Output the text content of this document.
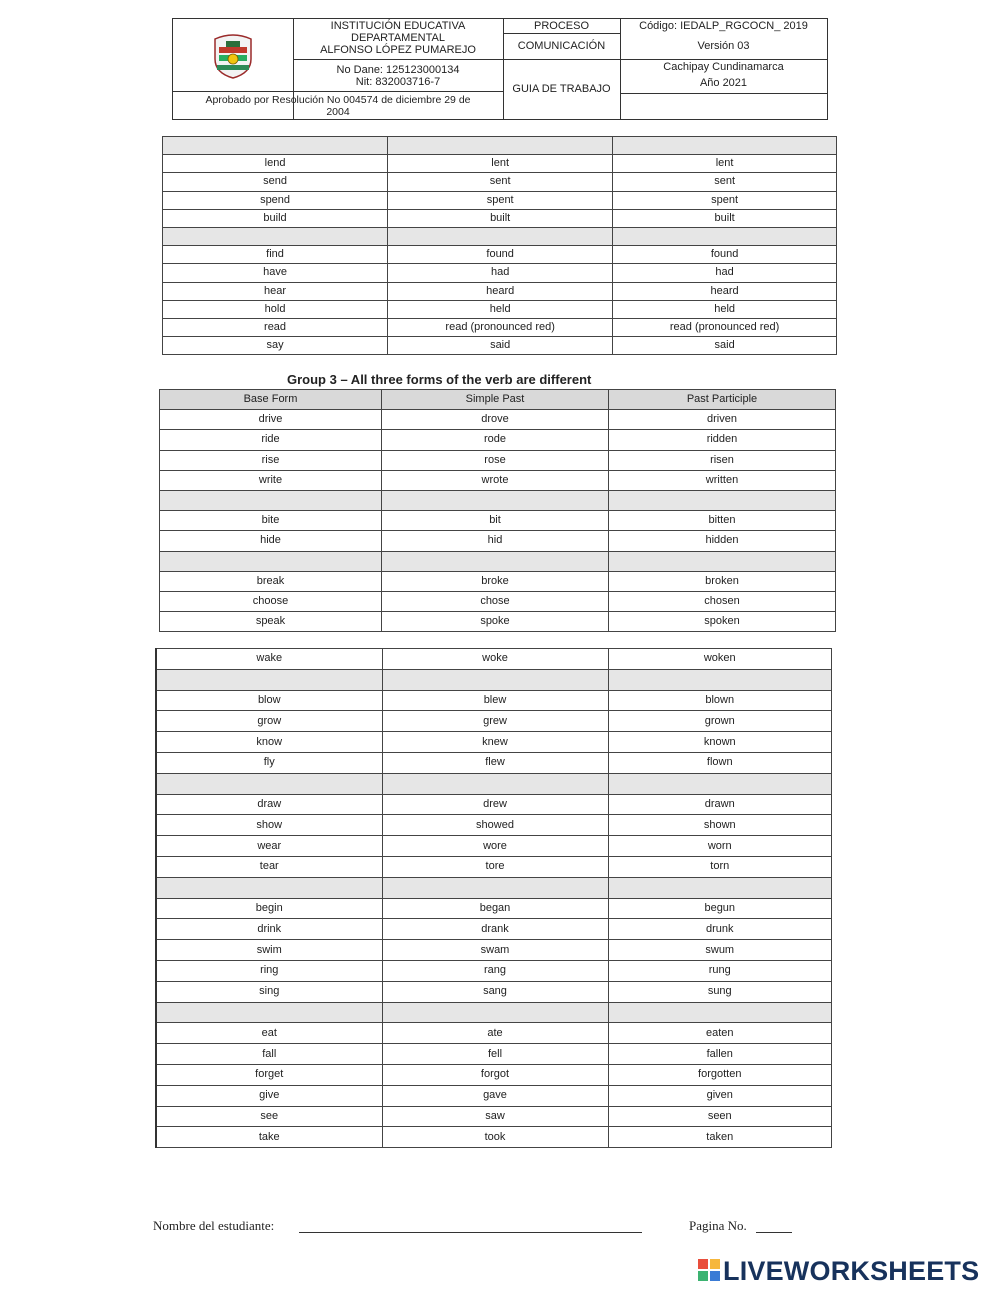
INSTITUCIÓN EDUCATIVA
DEPARTAMENTAL
ALFONSO LÓPEZ PUMAREJO
No Dane: 125123000134
Nit: 832003716-7
Aprobado por Resolución No 004574 de diciembre 29 de
2004
PROCESO
COMUNICACIÓN
GUIA DE TRABAJO
Código: IEDALP_RGCOCN_ 2019
Versión 03
Cachipay Cundinamarca
Año 2021

lend	lent	lent
send	sent	sent
spend	spent	spent
build	built	built

find	found	found
have	had	had
hear	heard	heard
hold	held	held
read	read (pronounced red)	read (pronounced red)
say	said	said
Group 3 – All three forms of the verb are different
Base Form	Simple Past	Past Participle
drive	drove	driven
ride	rode	ridden
rise	rose	risen
write	wrote	written

bite	bit	bitten
hide	hid	hidden

break	broke	broken
choose	chose	chosen
speak	spoke	spoken
wake	woke	woken

blow	blew	blown
grow	grew	grown
know	knew	known
fly	flew	flown

draw	drew	drawn
show	showed	shown
wear	wore	worn
tear	tore	torn

begin	began	begun
drink	drank	drunk
swim	swam	swum
ring	rang	rung
sing	sang	sung

eat	ate	eaten
fall	fell	fallen
forget	forgot	forgotten
give	gave	given
see	saw	seen
take	took	taken
Nombre del estudiante:	Pagina No.
LIVEWORKSHEETS
